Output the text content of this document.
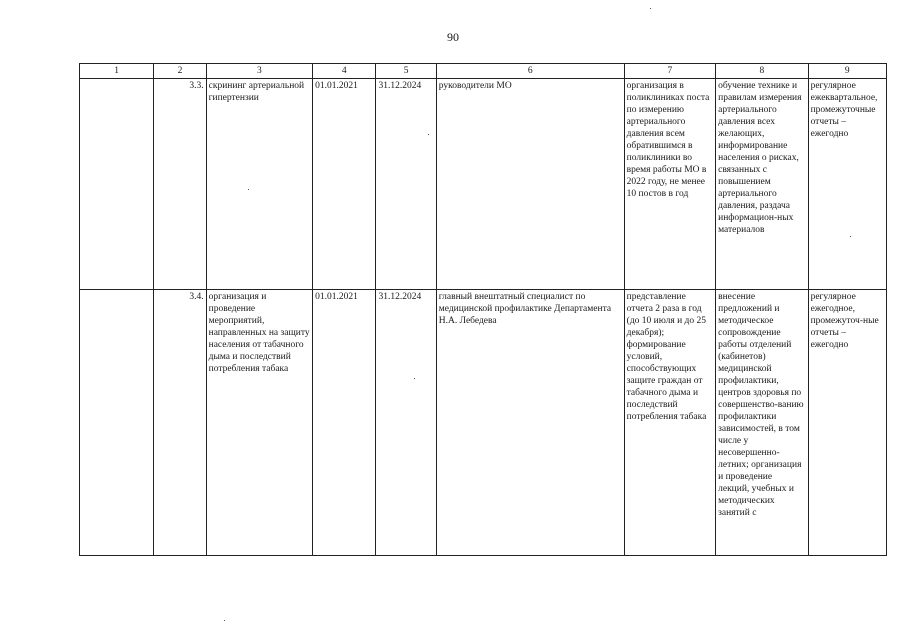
90
1	2	3	4	5	6	7	8	9
	3.3.	скрининг артериальной гипертензии	01.01.2021	31.12.2024	руководители МО	организация в поликлиниках поста по измерению артериального давления всем обратившимся в поликлиники во время работы МО в 2022 году, не менее 10 постов в год	обучение технике и правилам измерения артериального давления всех желающих, информирование населения о рисках, связанных с повышением артериального давления, раздача информацион-ных материалов	регулярное ежеквартальное, промежуточные отчеты – ежегодно
	3.4.	организация и проведение мероприятий, направленных на защиту населения от табачного дыма и последствий потребления табака	01.01.2021	31.12.2024	главный внештатный специалист по медицинской профилактике Департамента Н.А. Лебедева	представление отчета 2 раза в год (до 10 июля и до 25 декабря); формирование условий, способствующих защите граждан от табачного дыма и последствий потребления табака	внесение предложений и методическое сопровождение работы отделений (кабинетов) медицинской профилактики, центров здоровья по совершенство-ванию профилактики зависимостей, в том числе у несовершенно-летних; организация и проведение лекций, учебных и методических занятий с	регулярное ежегодное, промежуточ-ные отчеты – ежегодно
